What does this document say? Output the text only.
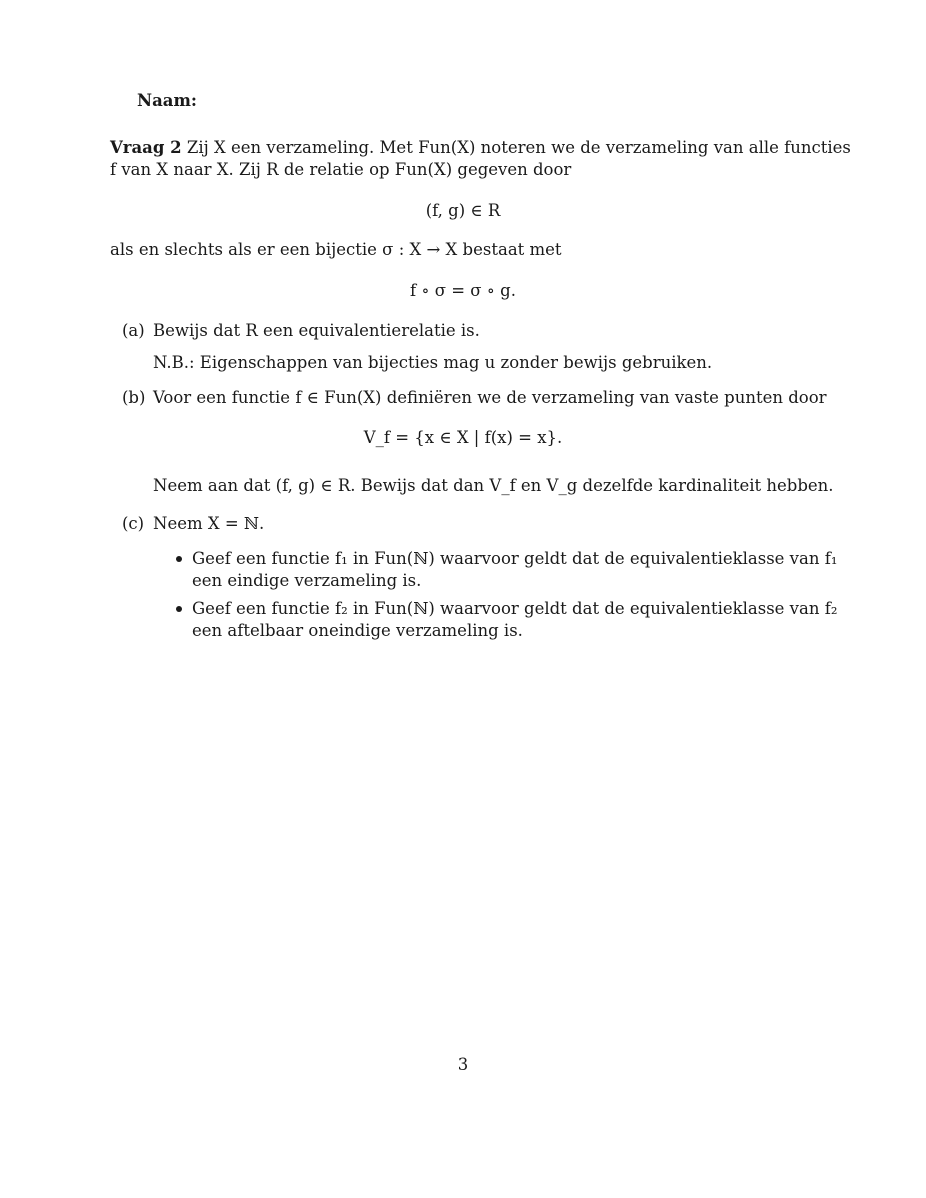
Naam:

Vraag 2 Zij X een verzameling. Met Fun(X) noteren we de verzameling van alle functies

f van X naar X. Zij R de relatie op Fun(X) gegeven door

(f, g) ∈ R

als en slechts als er een bijectie σ : X → X bestaat met

f ∘ σ = σ ∘ g.

(a) Bewijs dat R een equivalentierelatie is.

N.B.: Eigenschappen van bijecties mag u zonder bewijs gebruiken.

(b) Voor een functie f ∈ Fun(X) definiëren we de verzameling van vaste punten door

V_f = {x ∈ X | f(x) = x}.

Neem aan dat (f, g) ∈ R. Bewijs dat dan V_f en V_g dezelfde kardinaliteit hebben.

(c) Neem X = ℕ.

Geef een functie f₁ in Fun(ℕ) waarvoor geldt dat de equivalentieklasse van f₁

een eindige verzameling is.

Geef een functie f₂ in Fun(ℕ) waarvoor geldt dat de equivalentieklasse van f₂

een aftelbaar oneindige verzameling is.

3
